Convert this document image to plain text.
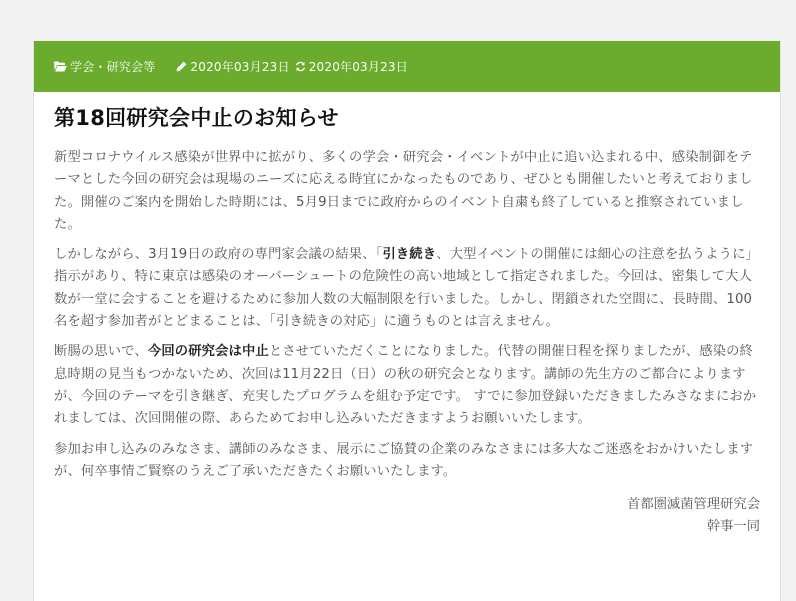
学会・研究会等	2020年03月23日 2020年03月23日
第18回研究会中止のお知らせ

新型コロナウイルス感染が世界中に拡がり、多くの学会・研究会・イベントが中止に追い込まれる中、感染制御をテーマとした今回の研究会は現場のニーズに応える時宜にかなったものであり、ぜひとも開催したいと考えておりました。開催のご案内を開始した時期には、5月9日までに政府からのイベント自粛も終了していると推察されていました。

しかしながら、3月19日の政府の専門家会議の結果、「引き続き、大型イベントの開催には細心の注意を払うように」指示があり、特に東京は感染のオーバーシュートの危険性の高い地域として指定されました。今回は、密集して大人数が一堂に会することを避けるために参加人数の大幅制限を行いました。しかし、閉鎖された空間に、長時間、100名を超す参加者がとどまることは、「引き続きの対応」に適うものとは言えません。

断腸の思いで、今回の研究会は中止とさせていただくことになりました。代替の開催日程を探りましたが、感染の終息時期の見当もつかないため、次回は11月22日（日）の秋の研究会となります。講師の先生方のご都合によりますが、今回のテーマを引き継ぎ、充実したプログラムを組む予定です。 すでに参加登録いただきましたみさなまにおかれましては、次回開催の際、あらためてお申し込みいただきますようお願いいたします。

参加お申し込みのみなさま、講師のみなさま、展示にご協賛の企業のみなさまには多大なご迷惑をおかけいたしますが、何卒事情ご賢察のうえご了承いただきたくお願いいたします。

首都圏滅菌管理研究会
幹事一同
